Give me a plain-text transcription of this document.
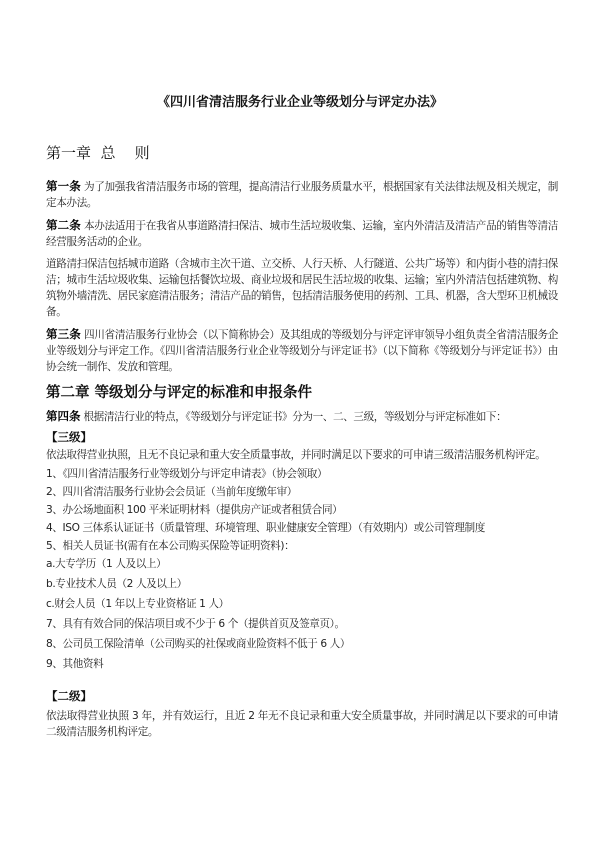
《四川省清洁服务行业企业等级划分与评定办法》
第一章  总    则
第一条 为了加强我省清洁服务市场的管理，提高清洁行业服务质量水平，根据国家有关法律法规及相关规定，制定本办法。
第二条 本办法适用于在我省从事道路清扫保洁、城市生活垃圾收集、运输，室内外清洁及清洁产品的销售等清洁经营服务活动的企业。
道路清扫保洁包括城市道路（含城市主次干道、立交桥、人行天桥、人行隧道、公共广场等）和内街小巷的清扫保洁；城市生活垃圾收集、运输包括餐饮垃圾、商业垃圾和居民生活垃圾的收集、运输；室内外清洁包括建筑物、构筑物外墙清洗、居民家庭清洁服务；清洁产品的销售，包括清洁服务使用的药剂、工具、机器，含大型环卫机械设备。
第三条 四川省清洁服务行业协会（以下简称协会）及其组成的等级划分与评定评审领导小组负责全省清洁服务企业等级划分与评定工作。《四川省清洁服务行业企业等级划分与评定证书》（以下简称《等级划分与评定证书》）由协会统一制作、发放和管理。
第二章 等级划分与评定的标准和申报条件
第四条 根据清洁行业的特点，《等级划分与评定证书》分为一、二、三级，等级划分与评定标准如下：
【三级】
依法取得营业执照，且无不良记录和重大安全质量事故，并同时满足以下要求的可申请三级清洁服务机构评定。
1、《四川省清洁服务行业等级划分与评定申请表》（协会领取）
2、四川省清洁服务行业协会会员证（当前年度缴年审）
3、办公场地面积 100 平米证明材料（提供房产证或者租赁合同）
4、ISO 三体系认证证书（质量管理、环境管理、职业健康安全管理）（有效期内）或公司管理制度
5、相关人员证书(需有在本公司购买保险等证明资料)：
a.大专学历（1 人及以上）
b.专业技术人员（2 人及以上）
c.财会人员（1 年以上专业资格证 1 人）
7、具有有效合同的保洁项目或不少于 6 个（提供首页及签章页）。
8、公司员工保险清单（公司购买的社保或商业险资料不低于 6 人）
9、其他资料
【二级】
依法取得营业执照 3 年，并有效运行，且近 2 年无不良记录和重大安全质量事故，并同时满足以下要求的可申请二级清洁服务机构评定。
